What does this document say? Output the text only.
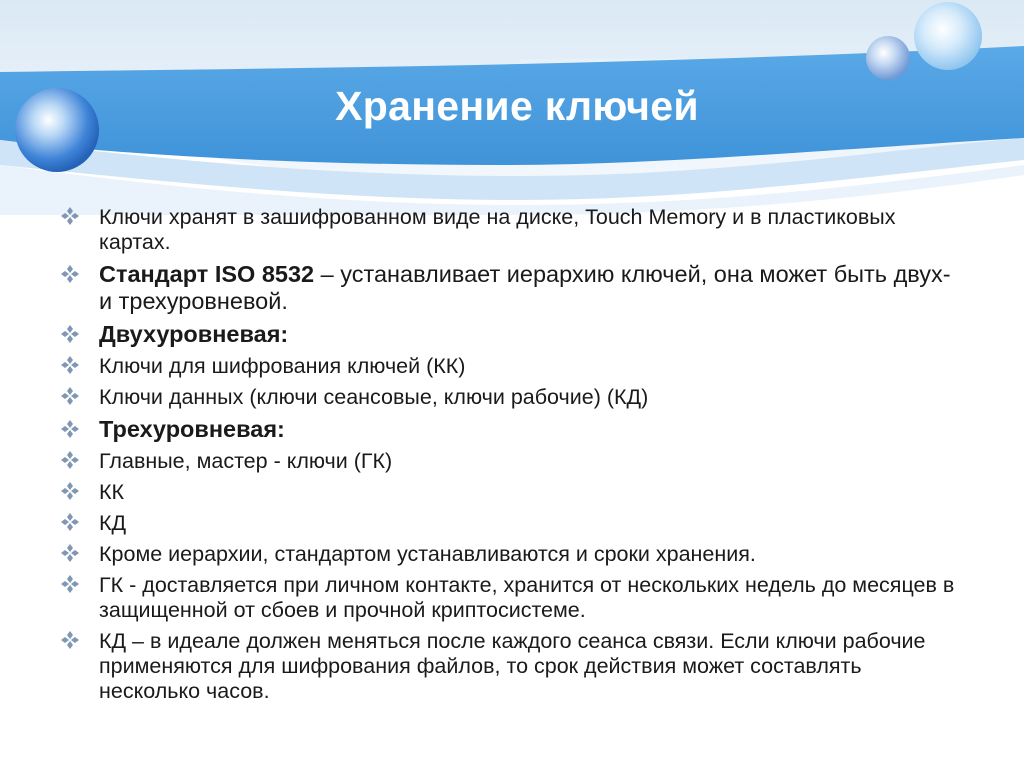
Хранение ключей
Ключи хранят в зашифрованном виде на диске, Touch Memory и в пластиковых картах.
Стандарт ISO 8532 – устанавливает иерархию ключей, она может быть двух- и трехуровневой.
Двухуровневая:
Ключи для шифрования ключей (КК)
Ключи данных (ключи сеансовые, ключи рабочие) (КД)
Трехуровневая:
Главные, мастер - ключи (ГК)
КК
КД
Кроме иерархии, стандартом устанавливаются и сроки хранения.
ГК - доставляется при личном контакте, хранится от нескольких недель до месяцев в защищенной от сбоев и прочной криптосистеме.
КД – в идеале должен меняться после каждого сеанса связи. Если ключи рабочие применяются для шифрования файлов, то срок действия может составлять несколько часов.
